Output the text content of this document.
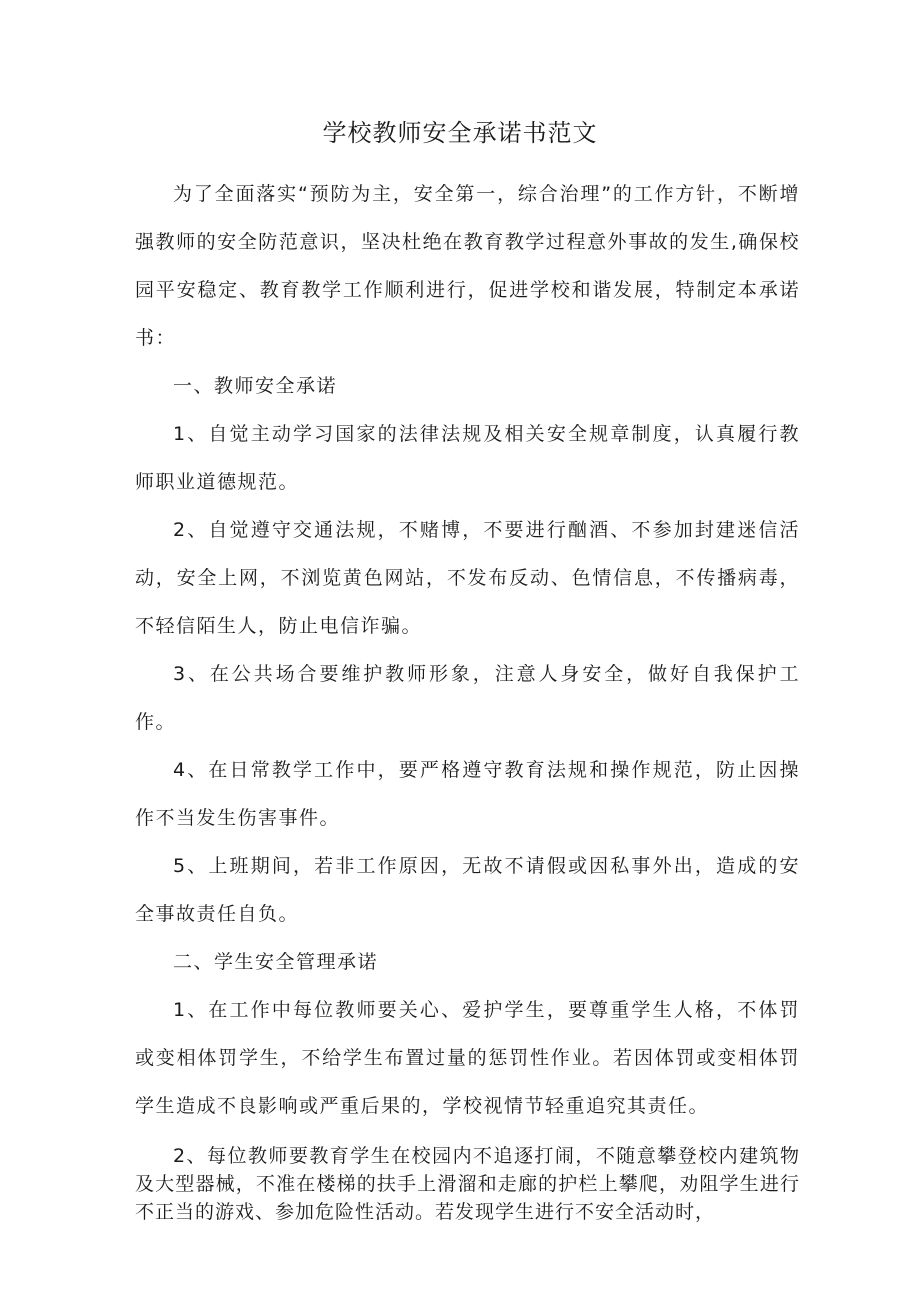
学校教师安全承诺书范文

为了全面落实“预防为主，安全第一，综合治理”的工作方针，不断增强教师的安全防范意识，坚决杜绝在教育教学过程意外事故的发生,确保校园平安稳定、教育教学工作顺利进行，促进学校和谐发展，特制定本承诺书：

一、教师安全承诺

1、自觉主动学习国家的法律法规及相关安全规章制度，认真履行教师职业道德规范。

2、自觉遵守交通法规，不赌博，不要进行酗酒、不参加封建迷信活动，安全上网，不浏览黄色网站，不发布反动、色情信息，不传播病毒，不轻信陌生人，防止电信诈骗。

3、在公共场合要维护教师形象，注意人身安全，做好自我保护工作。

4、在日常教学工作中，要严格遵守教育法规和操作规范，防止因操作不当发生伤害事件。

5、上班期间，若非工作原因，无故不请假或因私事外出，造成的安全事故责任自负。

二、学生安全管理承诺

1、在工作中每位教师要关心、爱护学生，要尊重学生人格，不体罚或变相体罚学生，不给学生布置过量的惩罚性作业。若因体罚或变相体罚学生造成不良影响或严重后果的，学校视情节轻重追究其责任。

2、每位教师要教育学生在校园内不追逐打闹，不随意攀登校内建筑物及大型器械，不准在楼梯的扶手上滑溜和走廊的护栏上攀爬，劝阻学生进行不正当的游戏、参加危险性活动。若发现学生进行不安全活动时，
